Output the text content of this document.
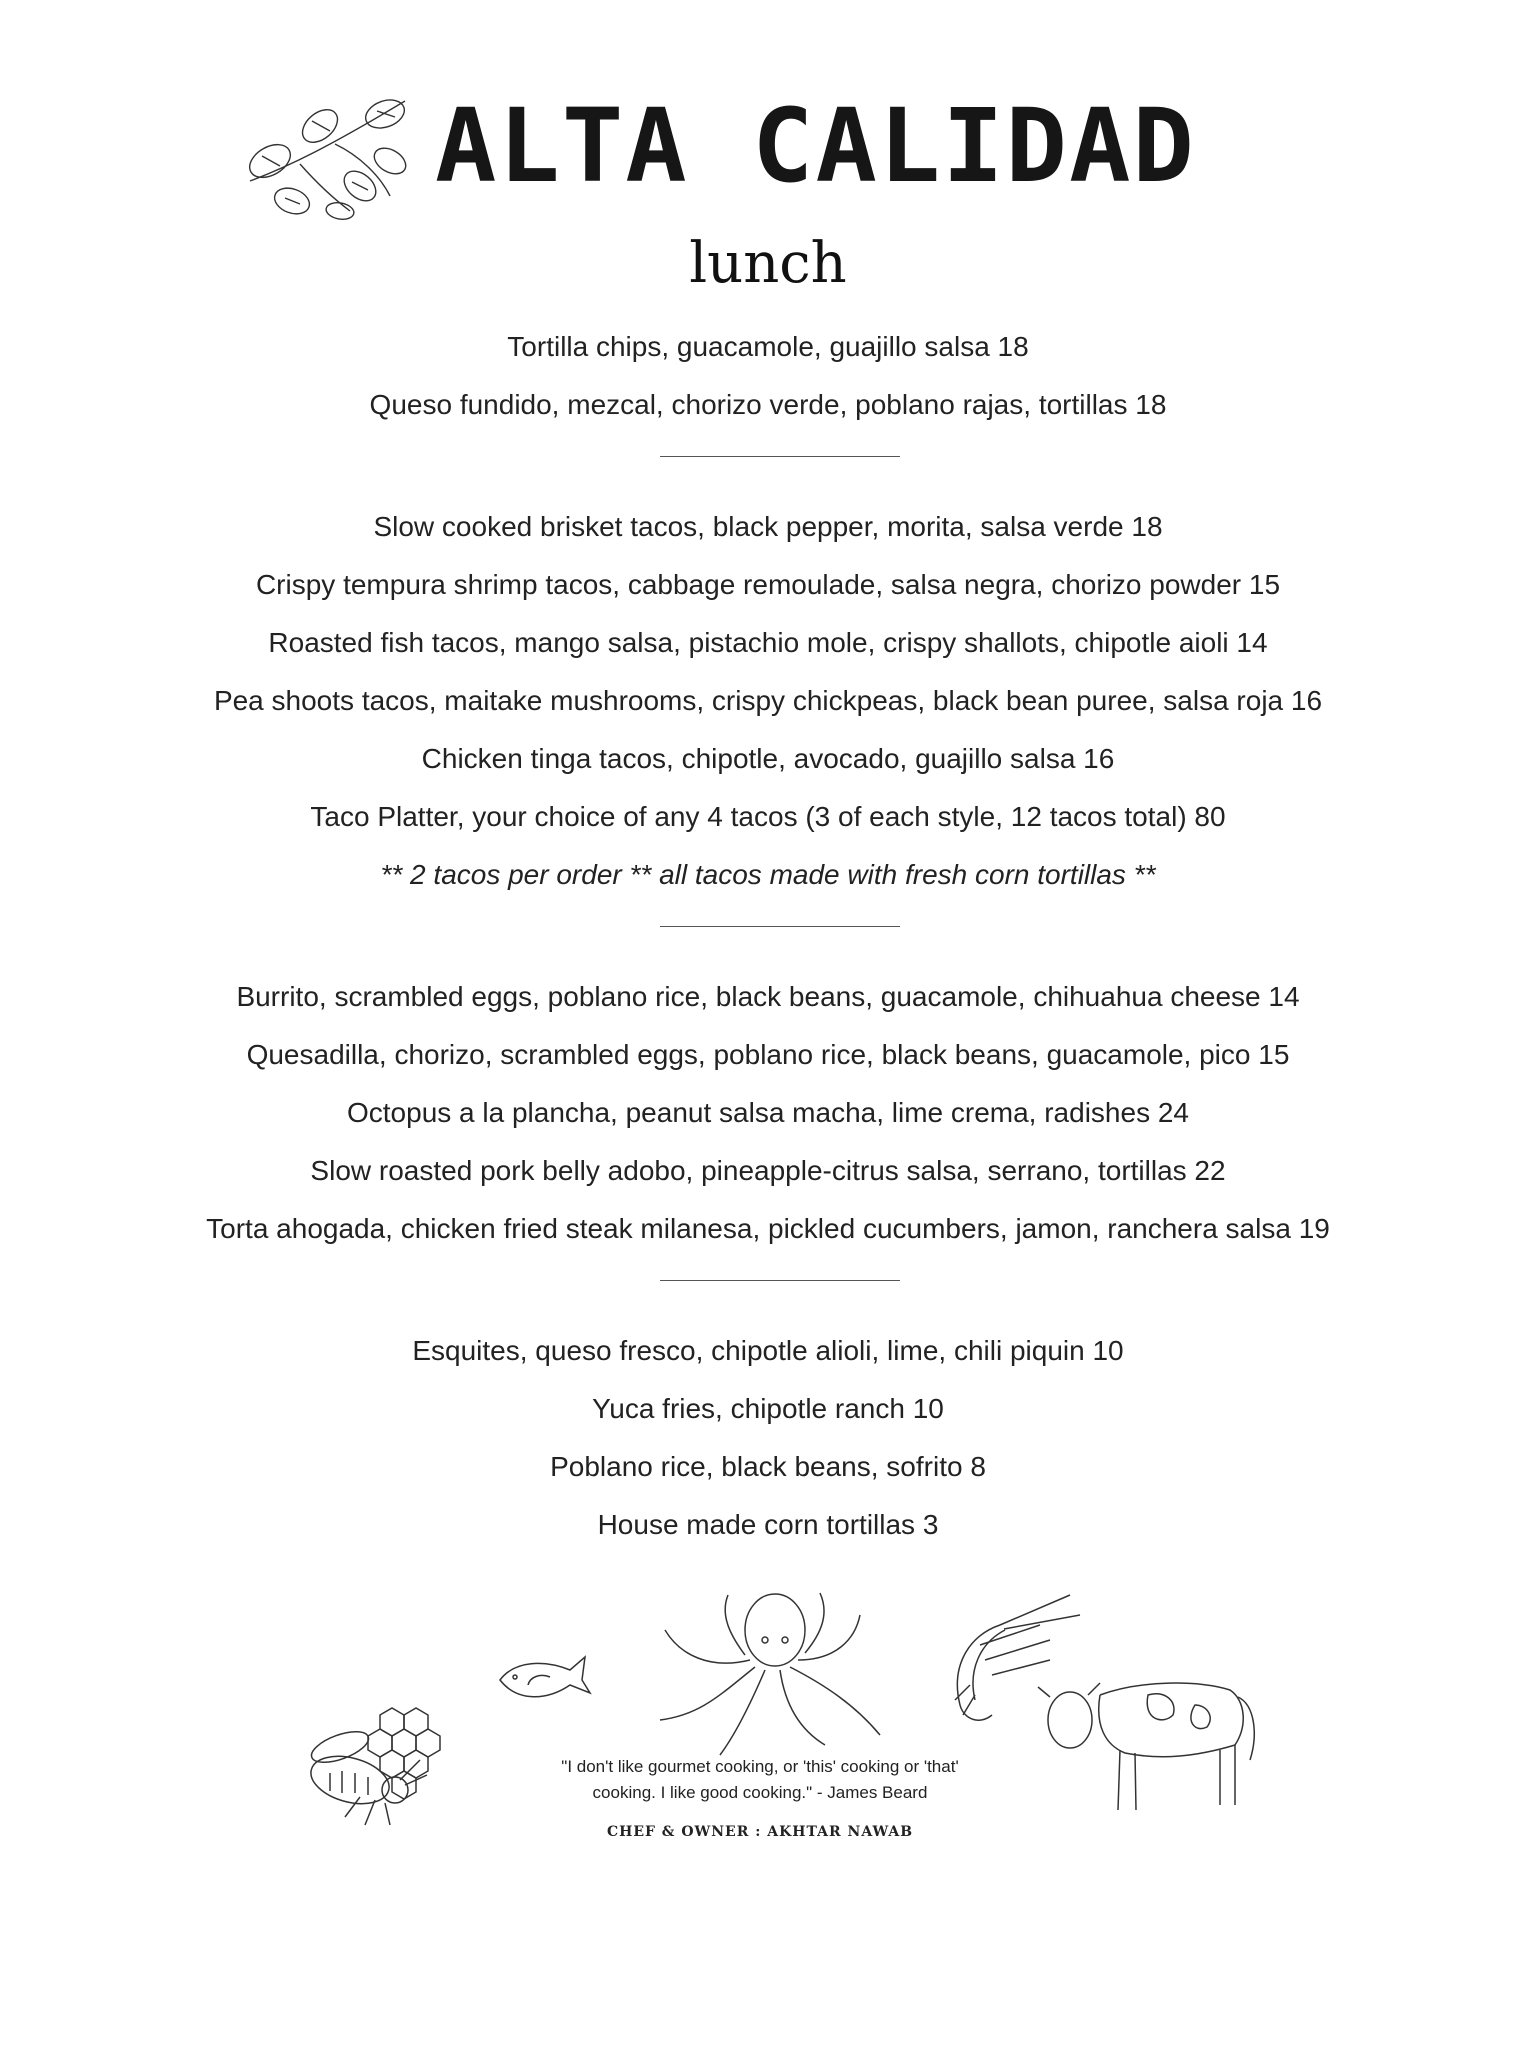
ALTA CALIDAD
lunch
Tortilla chips, guacamole, guajillo salsa 18
Queso fundido, mezcal, chorizo verde, poblano rajas, tortillas 18
Slow cooked brisket tacos, black pepper, morita, salsa verde 18
Crispy tempura shrimp tacos, cabbage remoulade, salsa negra, chorizo powder 15
Roasted fish tacos, mango salsa, pistachio mole, crispy shallots, chipotle aioli 14
Pea shoots tacos, maitake mushrooms, crispy chickpeas, black bean puree, salsa roja 16
Chicken tinga tacos, chipotle, avocado, guajillo salsa 16
Taco Platter, your choice of any 4 tacos (3 of each style, 12 tacos total) 80
** 2 tacos per order ** all tacos made with fresh corn tortillas **
Burrito, scrambled eggs, poblano rice, black beans, guacamole, chihuahua cheese 14
Quesadilla, chorizo, scrambled eggs, poblano rice, black beans, guacamole, pico 15
Octopus a la plancha, peanut salsa macha, lime crema, radishes 24
Slow roasted pork belly adobo, pineapple-citrus salsa, serrano, tortillas 22
Torta ahogada, chicken fried steak milanesa, pickled cucumbers, jamon, ranchera salsa 19
Esquites, queso fresco, chipotle alioli, lime, chili piquin 10
Yuca fries, chipotle ranch 10
Poblano rice, black beans, sofrito 8
House made corn tortillas 3
"I don't like gourmet cooking, or 'this' cooking or 'that' cooking. I like good cooking." - James Beard
CHEF & OWNER : AKHTAR NAWAB
